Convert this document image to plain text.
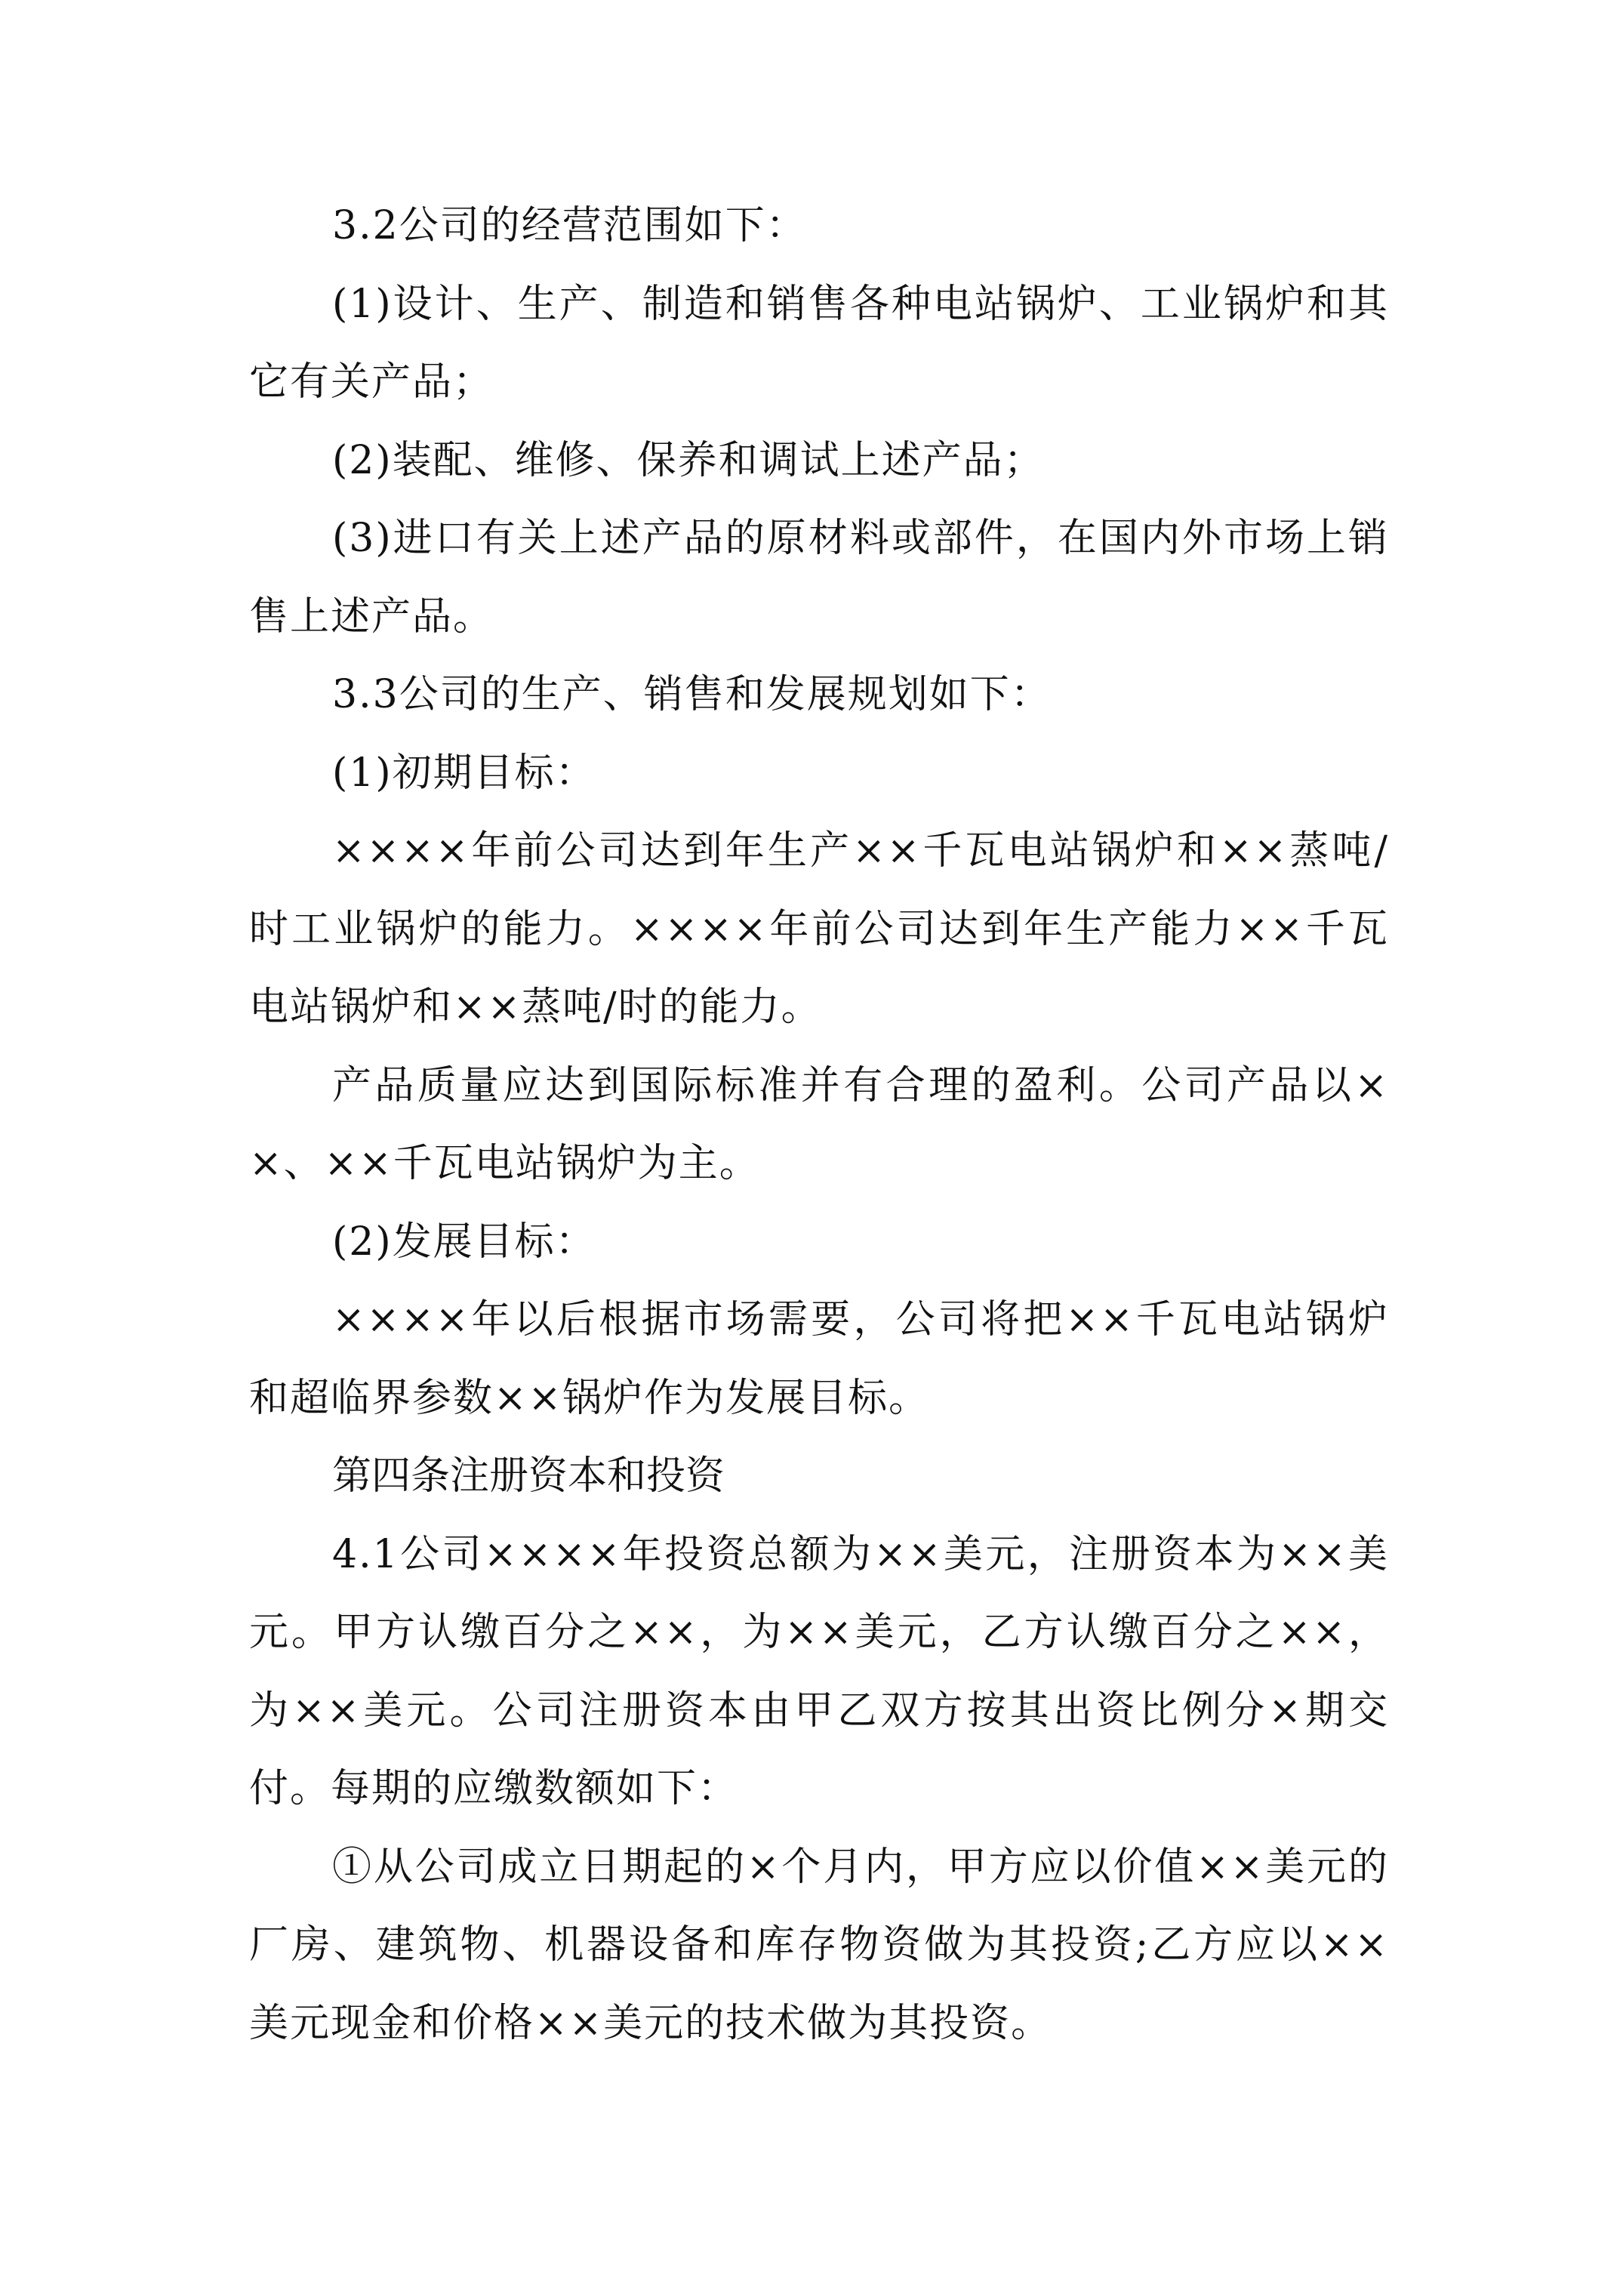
3.2公司的经营范围如下：

(1)设计、生产、制造和销售各种电站锅炉、工业锅炉和其它有关产品；

(2)装配、维修、保养和调试上述产品；

(3)进口有关上述产品的原材料或部件，在国内外市场上销售上述产品。

3.3公司的生产、销售和发展规划如下：

(1)初期目标：

××××年前公司达到年生产××千瓦电站锅炉和××蒸吨/时工业锅炉的能力。××××年前公司达到年生产能力××千瓦电站锅炉和××蒸吨/时的能力。

产品质量应达到国际标准并有合理的盈利。公司产品以××、××千瓦电站锅炉为主。

(2)发展目标：

××××年以后根据市场需要，公司将把××千瓦电站锅炉和超临界参数××锅炉作为发展目标。

第四条注册资本和投资

4.1公司××××年投资总额为××美元，注册资本为××美元。甲方认缴百分之××，为××美元，乙方认缴百分之××，为××美元。公司注册资本由甲乙双方按其出资比例分×期交付。每期的应缴数额如下：

①从公司成立日期起的×个月内，甲方应以价值××美元的厂房、建筑物、机器设备和库存物资做为其投资;乙方应以××美元现金和价格××美元的技术做为其投资。
